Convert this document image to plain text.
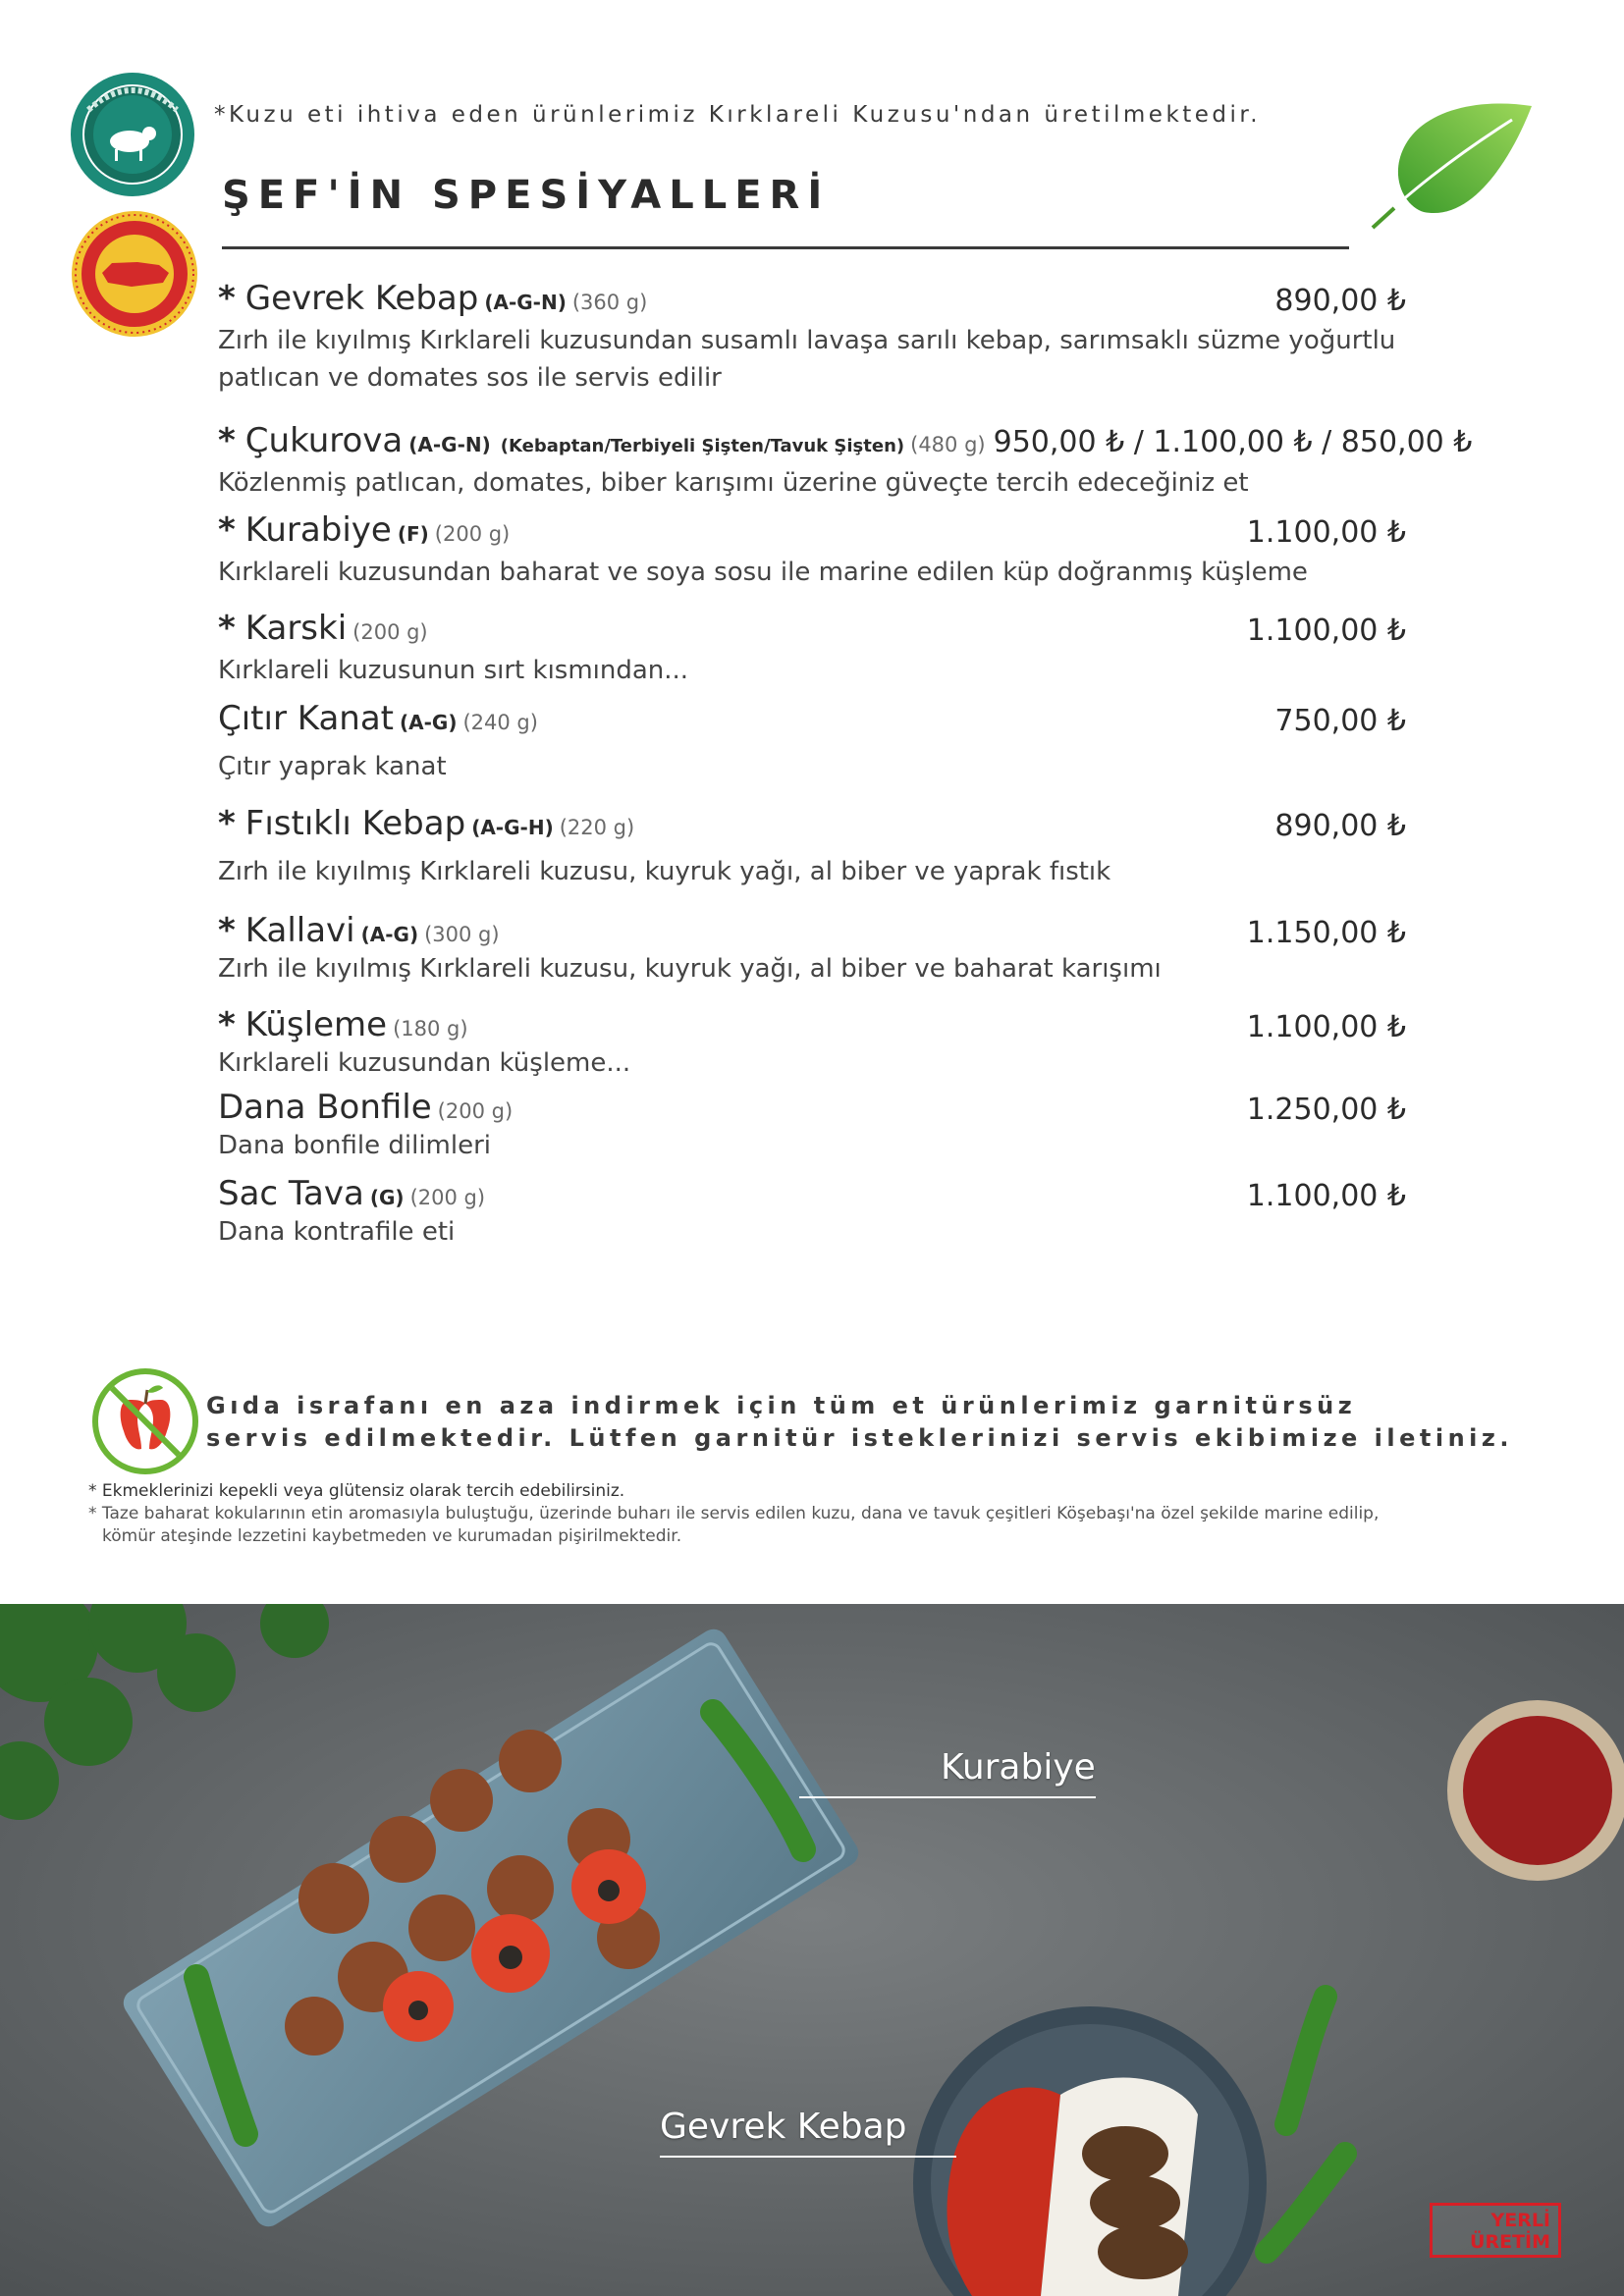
*Kuzu eti ihtiva eden ürünlerimiz Kırklareli Kuzusu'ndan üretilmektedir.
ŞEF'İN SPESİYALLERİ
* Gevrek Kebap (A-G-N) (360 g)	890,00 ₺
Zırh ile kıyılmış Kırklareli kuzusundan susamlı lavaşa sarılı kebap, sarımsaklı süzme yoğurtlu patlıcan ve domates sos ile servis edilir
* Çukurova (A-G-N) (Kebaptan/Terbiyeli Şişten/Tavuk Şişten) (480 g) 950,00 ₺ / 1.100,00 ₺ / 850,00 ₺
Közlenmiş patlıcan, domates, biber karışımı üzerine güveçte tercih edeceğiniz et
* Kurabiye (F) (200 g)	1.100,00 ₺
Kırklareli kuzusundan baharat ve soya sosu ile marine edilen küp doğranmış küşleme
* Karski (200 g)	1.100,00 ₺
Kırklareli kuzusunun sırt kısmından...
Çıtır Kanat (A-G) (240 g)	750,00 ₺
Çıtır yaprak kanat
* Fıstıklı Kebap (A-G-H) (220 g)	890,00 ₺
Zırh ile kıyılmış Kırklareli kuzusu, kuyruk yağı, al biber ve yaprak fıstık
* Kallavi (A-G) (300 g)	1.150,00 ₺
Zırh ile kıyılmış Kırklareli kuzusu, kuyruk yağı, al biber ve baharat karışımı
* Küşleme (180 g)	1.100,00 ₺
Kırklareli kuzusundan küşleme...
Dana Bonfile (200 g)	1.250,00 ₺
Dana bonfile dilimleri
Sac Tava (G) (200 g)	1.100,00 ₺
Dana kontrafile eti
Gıda israfanı en aza indirmek için tüm et ürünlerimiz garnitürsüz
servis edilmektedir. Lütfen garnitür isteklerinizi servis ekibimize iletiniz.
* Ekmeklerinizi kepekli veya glütensiz olarak tercih edebilirsiniz.
* Taze baharat kokularının etin aromasıyla buluştuğu, üzerinde buharı ile servis edilen kuzu, dana ve tavuk çeşitleri Köşebaşı'na özel şekilde marine edilip,
kömür ateşinde lezzetini kaybetmeden ve kurumadan pişirilmektedir.
Kurabiye
Gevrek Kebap
YERLİ
ÜRETİM
